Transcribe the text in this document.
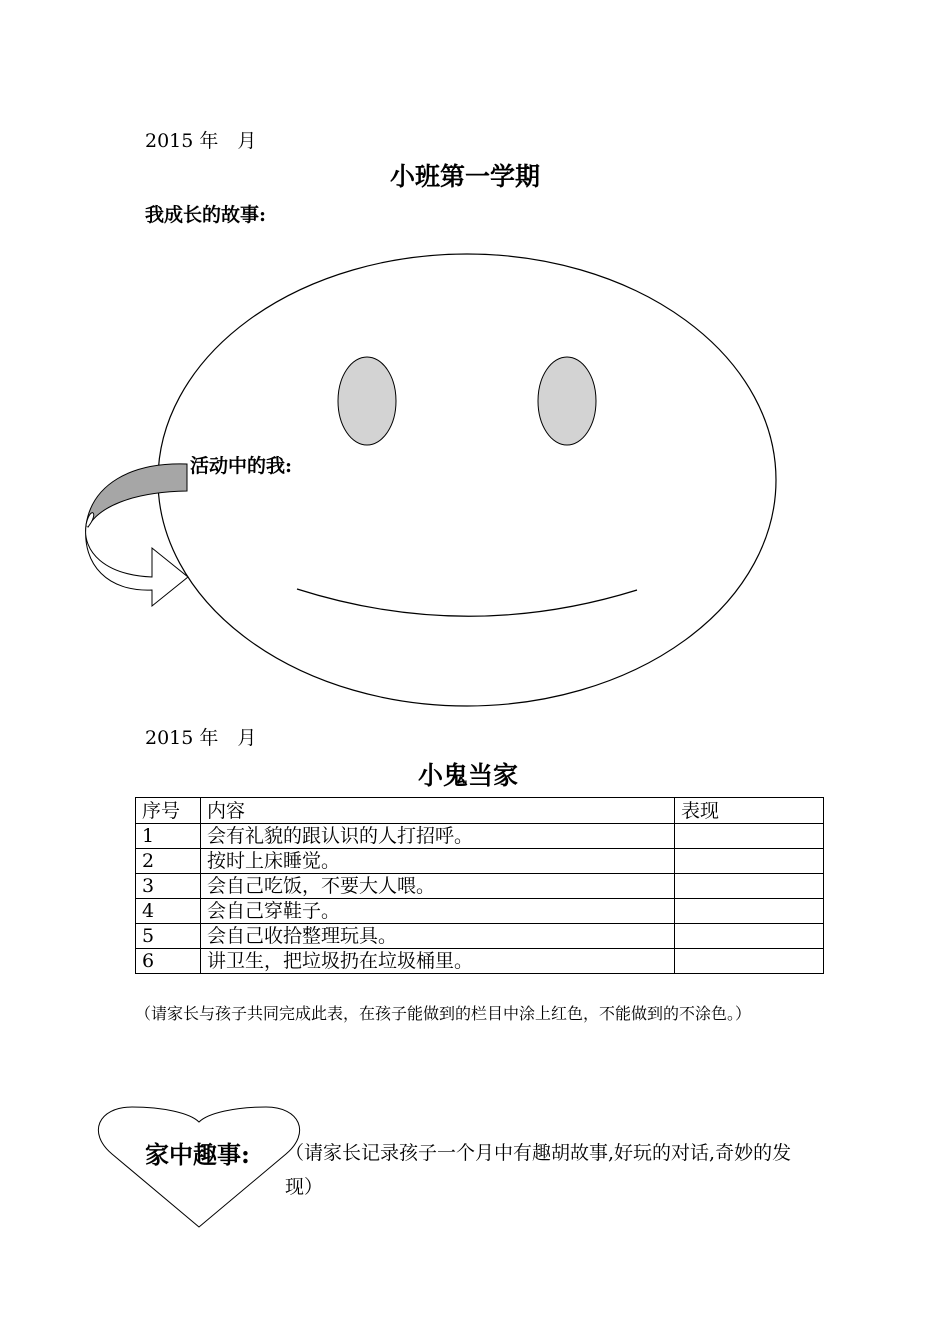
2015 年　月
小班第一学期
我成长的故事:
活动中的我:
2015 年　月
小鬼当家
序号	内容	表现
1	会有礼貌的跟认识的人打招呼。	
2	按时上床睡觉。	
3	会自己吃饭，不要大人喂。	
4	会自己穿鞋子。	
5	会自己收拾整理玩具。	
6	讲卫生，把垃圾扔在垃圾桶里。	
（请家长与孩子共同完成此表，在孩子能做到的栏目中涂上红色，不能做到的不涂色。）
家中趣事: （请家长记录孩子一个月中有趣胡故事,好玩的对话,奇妙的发现）
